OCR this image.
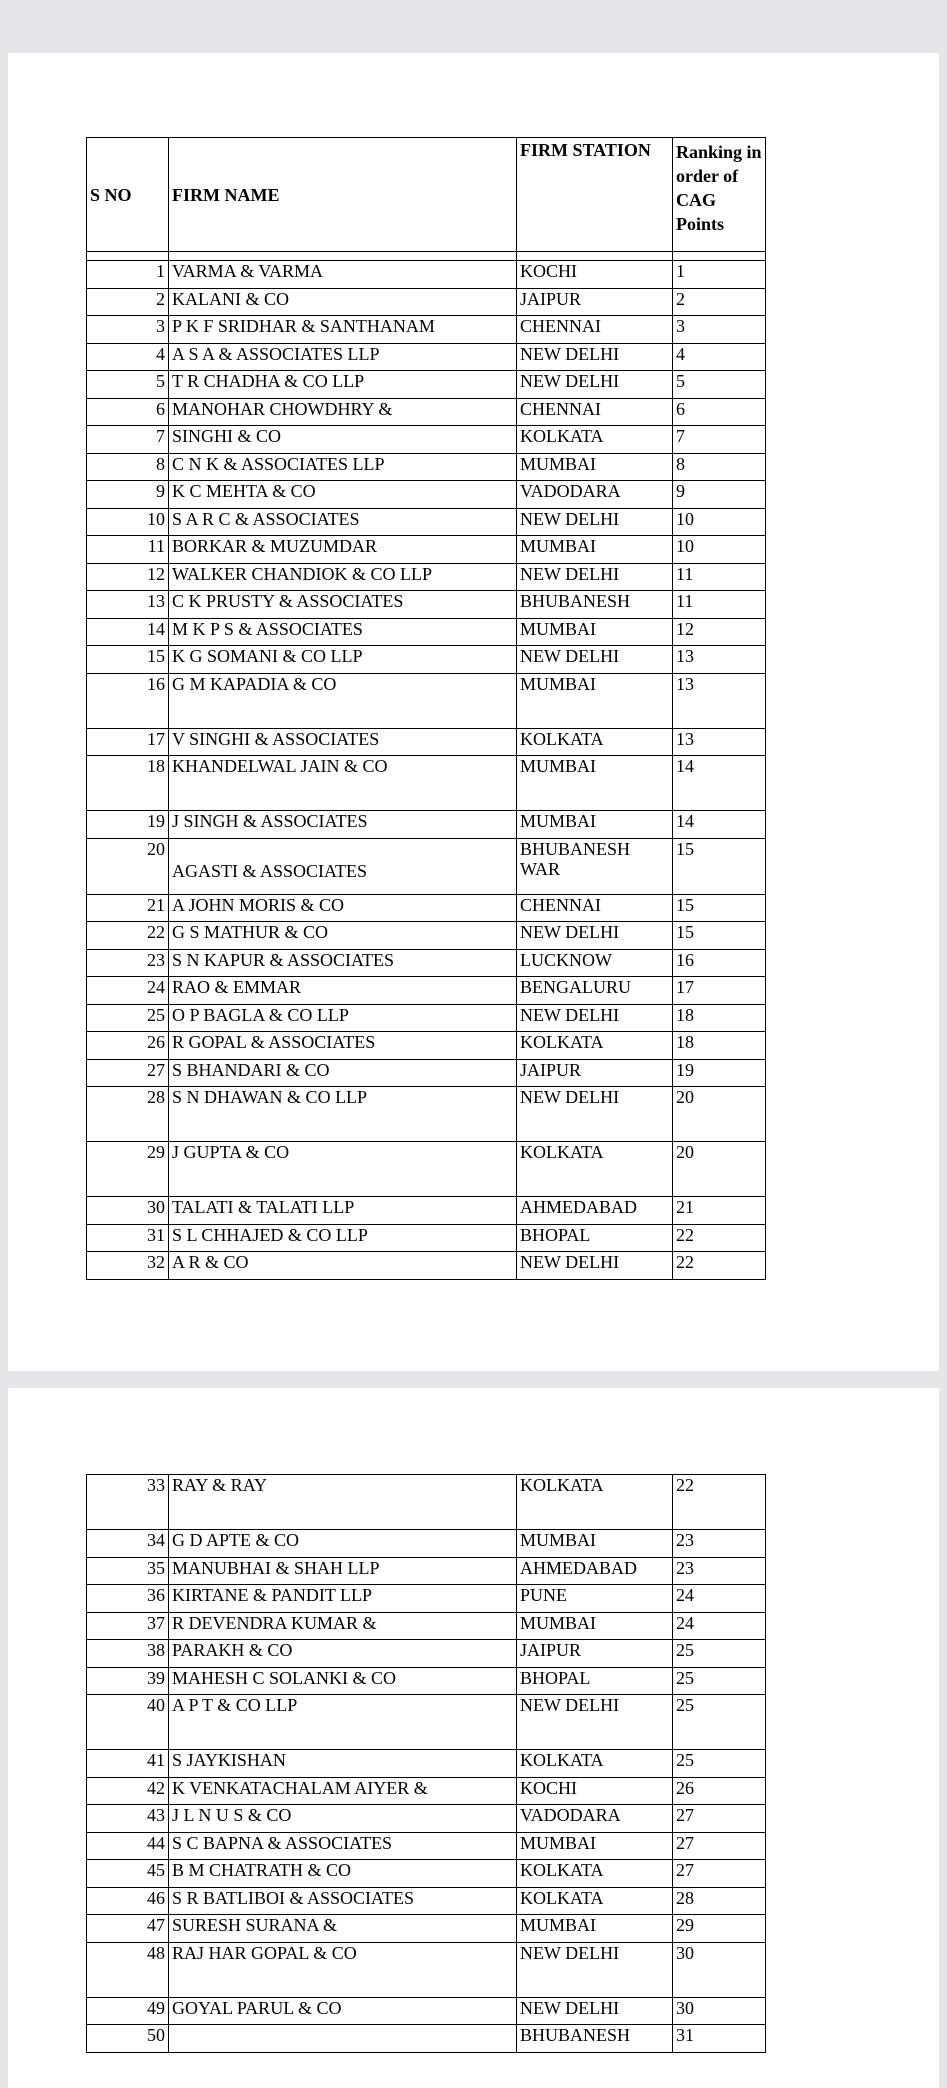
S NO	FIRM NAME	FIRM STATION	Ranking in order of CAG Points

1	VARMA & VARMA	KOCHI	1
2	KALANI & CO	JAIPUR	2
3	P K F SRIDHAR & SANTHANAM	CHENNAI	3
4	A S A & ASSOCIATES LLP	NEW DELHI	4
5	T R CHADHA & CO LLP	NEW DELHI	5
6	MANOHAR CHOWDHRY &	CHENNAI	6
7	SINGHI & CO	KOLKATA	7
8	C N K & ASSOCIATES LLP	MUMBAI	8
9	K C MEHTA & CO	VADODARA	9
10	S A R C & ASSOCIATES	NEW DELHI	10
11	BORKAR & MUZUMDAR	MUMBAI	10
12	WALKER CHANDIOK & CO LLP	NEW DELHI	11
13	C K PRUSTY & ASSOCIATES	BHUBANESH	11
14	M K P S & ASSOCIATES	MUMBAI	12
15	K G SOMANI & CO LLP	NEW DELHI	13
16	G M KAPADIA & CO	MUMBAI	13
17	V SINGHI & ASSOCIATES	KOLKATA	13
18	KHANDELWAL JAIN & CO	MUMBAI	14
19	J SINGH & ASSOCIATES	MUMBAI	14
20	AGASTI & ASSOCIATES	BHUBANESH WAR	15
21	A JOHN MORIS & CO	CHENNAI	15
22	G S MATHUR & CO	NEW DELHI	15
23	S N KAPUR & ASSOCIATES	LUCKNOW	16
24	RAO & EMMAR	BENGALURU	17
25	O P BAGLA & CO LLP	NEW DELHI	18
26	R GOPAL & ASSOCIATES	KOLKATA	18
27	S BHANDARI & CO	JAIPUR	19
28	S N DHAWAN & CO LLP	NEW DELHI	20
29	J GUPTA & CO	KOLKATA	20
30	TALATI & TALATI LLP	AHMEDABAD	21
31	S L CHHAJED & CO LLP	BHOPAL	22
32	A R & CO	NEW DELHI	22
33	RAY & RAY	KOLKATA	22
34	G D APTE & CO	MUMBAI	23
35	MANUBHAI & SHAH LLP	AHMEDABAD	23
36	KIRTANE & PANDIT LLP	PUNE	24
37	R DEVENDRA KUMAR &	MUMBAI	24
38	PARAKH & CO	JAIPUR	25
39	MAHESH C SOLANKI & CO	BHOPAL	25
40	A P T & CO LLP	NEW DELHI	25
41	S JAYKISHAN	KOLKATA	25
42	K VENKATACHALAM AIYER &	KOCHI	26
43	J L N U S & CO	VADODARA	27
44	S C BAPNA & ASSOCIATES	MUMBAI	27
45	B M CHATRATH & CO	KOLKATA	27
46	S R BATLIBOI & ASSOCIATES	KOLKATA	28
47	SURESH SURANA &	MUMBAI	29
48	RAJ HAR GOPAL & CO	NEW DELHI	30
49	GOYAL PARUL & CO	NEW DELHI	30
50		BHUBANESH	31
